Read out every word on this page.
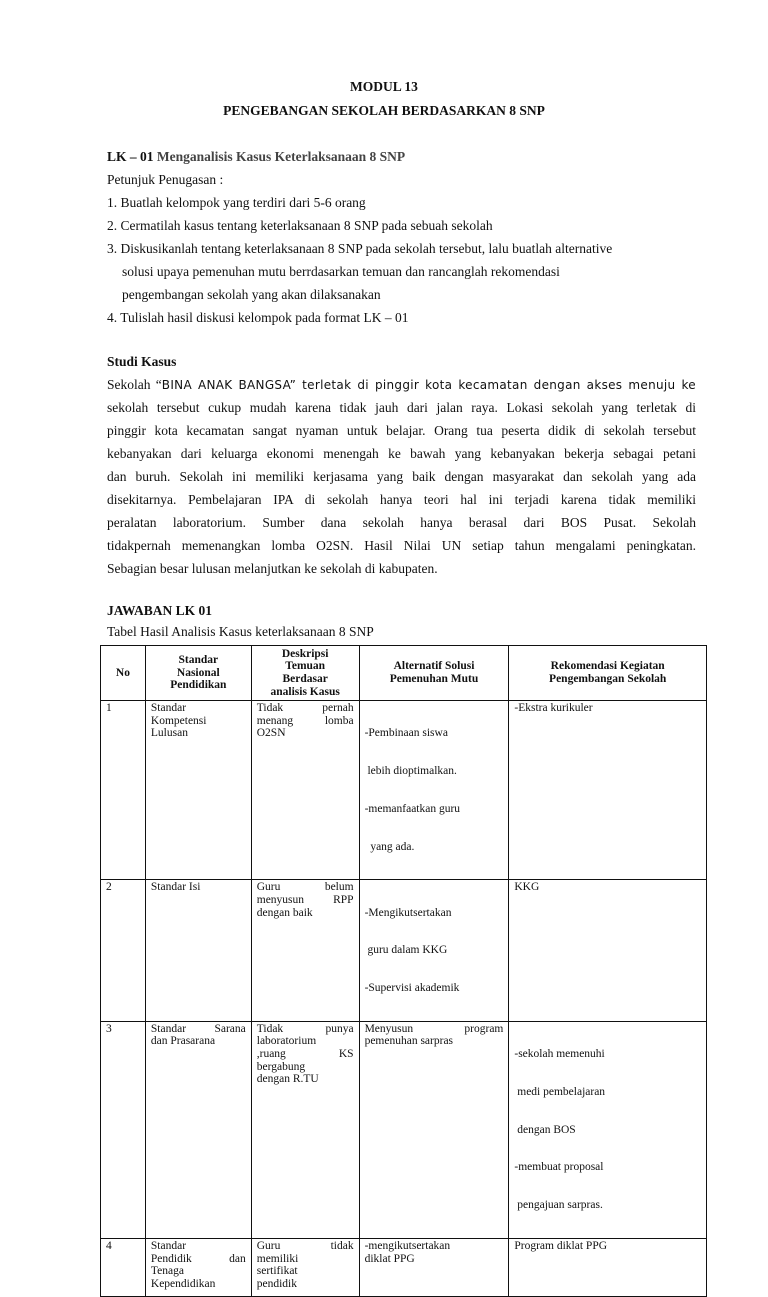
MODUL 13
PENGEBANGAN SEKOLAH BERDASARKAN 8 SNP
LK – 01 Menganalisis Kasus Keterlaksanaan 8 SNP
Petunjuk Penugasan :
1. Buatlah kelompok yang terdiri dari 5-6 orang
2. Cermatilah kasus tentang keterlaksanaan 8 SNP pada sebuah sekolah
3. Diskusikanlah tentang keterlaksanaan 8 SNP pada sekolah tersebut, lalu buatlah alternative
solusi upaya pemenuhan mutu berrdasarkan temuan dan rancanglah rekomendasi
pengembangan sekolah yang akan dilaksanakan
4. Tulislah hasil diskusi kelompok pada format LK – 01
Studi Kasus
Sekolah “BINA ANAK BANGSA” terletak di pinggir kota kecamatan dengan akses menuju ke
sekolah tersebut cukup mudah karena tidak jauh dari jalan raya. Lokasi sekolah yang terletak di
pinggir kota kecamatan sangat nyaman untuk belajar. Orang tua peserta didik di sekolah tersebut
kebanyakan dari keluarga ekonomi menengah ke bawah yang kebanyakan bekerja sebagai petani
dan buruh. Sekolah ini memiliki kerjasama yang baik dengan masyarakat dan sekolah yang ada
disekitarnya. Pembelajaran IPA di sekolah hanya teori hal ini terjadi karena tidak memiliki
peralatan laboratorium. Sumber dana sekolah hanya berasal dari BOS Pusat. Sekolah
tidakpernah memenangkan lomba O2SN. Hasil Nilai UN setiap tahun mengalami peningkatan.
Sebagian besar lulusan melanjutkan ke sekolah di kabupaten.
JAWABAN LK 01
Tabel Hasil Analisis Kasus keterlaksanaan 8 SNP
No	Standar
Nasional
Pendidikan	Deskripsi
Temuan
Berdasar
analisis Kasus	Alternatif Solusi
Pemenuhan Mutu	Rekomendasi Kegiatan
Pengembangan Sekolah

1	Standar
Kompetensi
Lulusan	Tidak pernah
menang lomba
O2SN	-Pembinaan siswa

lebih dioptimalkan.

-memanfaatkan guru

yang ada.	-Ekstra kurikuler

2	Standar Isi	Guru belum
menyusun RPP
dengan baik	-Mengikutsertakan

guru dalam KKG

-Supervisi akademik	KKG

3	Standar Sarana
dan Prasarana	Tidak punya
laboratorium
,ruang KS
bergabung
dengan R.TU	Menyusun program
pemenuhan sarpras	-sekolah memenuhi

medi pembelajaran

dengan BOS

-membuat proposal

pengajuan sarpras.

4	Standar
Pendidik dan
Tenaga
Kependidikan	Guru tidak
memiliki
sertifikat
pendidik	-mengikutsertakan
diklat PPG	Program diklat PPG
